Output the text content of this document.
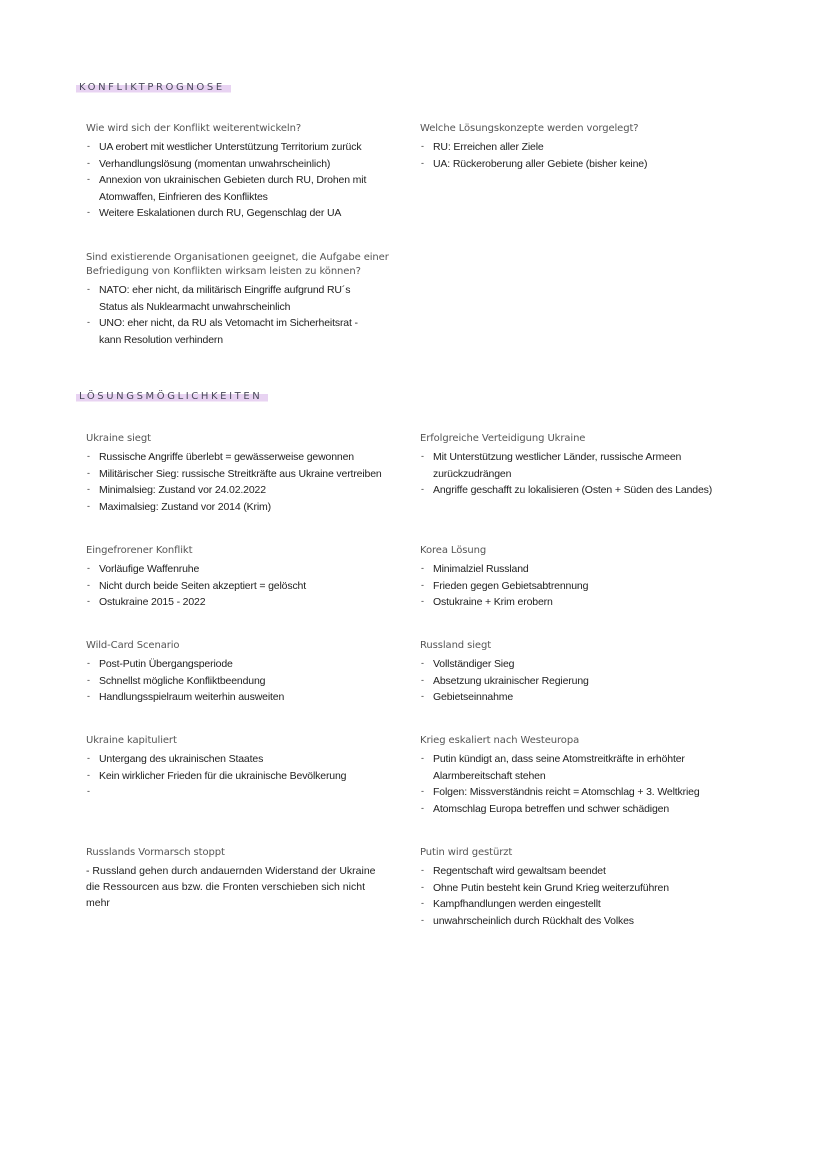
KONFLIKTPROGNOSE
Wie wird sich der Konflikt weiterentwickeln?
- UA erobert mit westlicher Unterstützung Territorium zurück
- Verhandlungslösung (momentan unwahrscheinlich)
- Annexion von ukrainischen Gebieten durch RU, Drohen mit Atomwaffen, Einfrieren des Konfliktes
- Weitere Eskalationen durch RU, Gegenschlag der UA
Welche Lösungskonzepte werden vorgelegt?
- RU: Erreichen aller Ziele
- UA: Rückeroberung aller Gebiete (bisher keine)
Sind existierende Organisationen geeignet, die Aufgabe einer Befriedigung von Konflikten wirksam leisten zu können?
- NATO: eher nicht, da militärisch Eingriffe aufgrund RU´s Status als Nuklearmacht unwahrscheinlich
- UNO: eher nicht, da RU als Vetomacht im Sicherheitsrat - kann Resolution verhindern
LÖSUNGSMÖGLICHKEITEN
Ukraine siegt
- Russische Angriffe überlebt = gewässerweise gewonnen
- Militärischer Sieg: russische Streitkräfte aus Ukraine vertreiben
- Minimalsieg: Zustand vor 24.02.2022
- Maximalsieg: Zustand vor 2014 (Krim)
Erfolgreiche Verteidigung Ukraine
- Mit Unterstützung westlicher Länder, russische Armeen zurückzudrängen
- Angriffe geschafft zu lokalisieren (Osten + Süden des Landes)
Eingefrorener Konflikt
- Vorläufige Waffenruhe
- Nicht durch beide Seiten akzeptiert = gelöscht
- Ostukraine 2015 - 2022
Korea Lösung
- Minimalziel Russland
- Frieden gegen Gebietsabtrennung
- Ostukraine + Krim erobern
Wild-Card Scenario
- Post-Putin Übergangsperiode
- Schnellst mögliche Konfliktbeendung
- Handlungsspielraum weiterhin ausweiten
Russland siegt
- Vollständiger Sieg
- Absetzung ukrainischer Regierung
- Gebietseinnahme
Ukraine kapituliert
- Untergang des ukrainischen Staates
- Kein wirklicher Frieden für die ukrainische Bevölkerung
-
Krieg eskaliert nach Westeuropa
- Putin kündigt an, dass seine Atomstreitkräfte in erhöhter Alarmbereitschaft stehen
- Folgen: Missverständnis reicht = Atomschlag + 3. Weltkrieg
- Atomschlag Europa betreffen und schwer schädigen
Russlands Vormarsch stoppt

- Russland gehen durch andauernden Widerstand der Ukraine die Ressourcen aus bzw. die Fronten verschieben sich nicht mehr

Putin wird gestürzt
- Regentschaft wird gewaltsam beendet
- Ohne Putin besteht kein Grund Krieg weiterzuführen
- Kampfhandlungen werden eingestellt
- unwahrscheinlich durch Rückhalt des Volkes
